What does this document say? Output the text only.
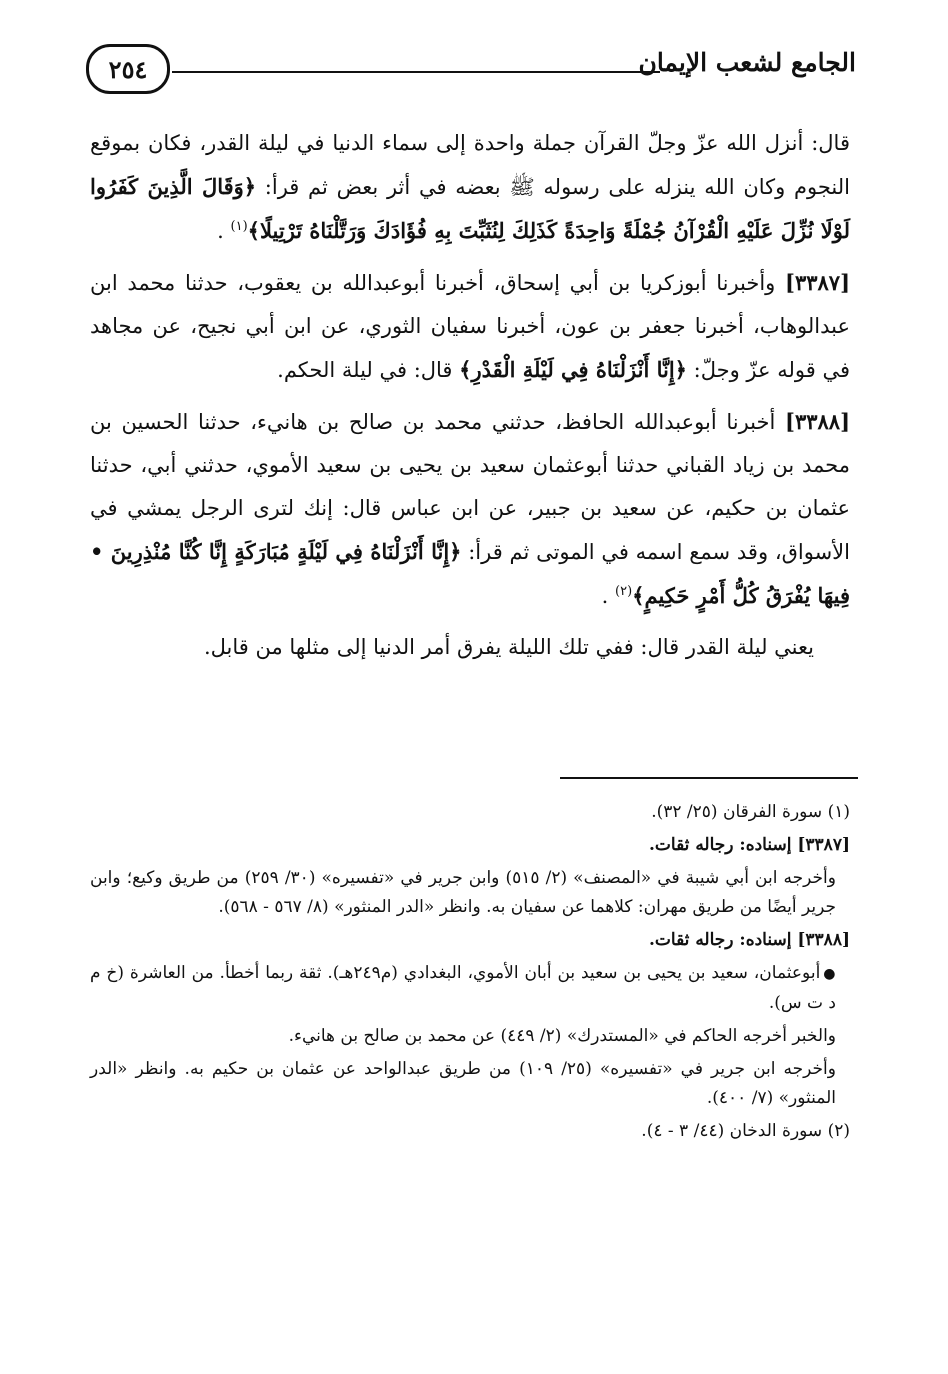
الجامع لشعب الإيمان
٢٥٤

قال: أنزل الله عزّ وجلّ القرآن جملة واحدة إلى سماء الدنيا في ليلة القدر، فكان بموقع النجوم وكان الله ينزله على رسوله ﷺ بعضه في أثر بعض ثم قرأ: ﴿وَقَالَ الَّذِينَ كَفَرُوا لَوْلَا نُزِّلَ عَلَيْهِ الْقُرْآنُ جُمْلَةً وَاحِدَةً كَذَلِكَ لِنُثَبِّتَ بِهِ فُؤَادَكَ وَرَتَّلْنَاهُ تَرْتِيلًا﴾$^{(١)}$ .

[٣٣٨٧] وأخبرنا أبوزكريا بن أبي إسحاق، أخبرنا أبوعبدالله بن يعقوب، حدثنا محمد ابن عبدالوهاب، أخبرنا جعفر بن عون، أخبرنا سفيان الثوري، عن ابن أبي نجيح، عن مجاهد في قوله عزّ وجلّ: ﴿إِنَّا أَنْزَلْنَاهُ فِي لَيْلَةِ الْقَدْرِ﴾ قال: في ليلة الحكم.

[٣٣٨٨] أخبرنا أبوعبدالله الحافظ، حدثني محمد بن صالح بن هانيء، حدثنا الحسين بن محمد بن زياد القباني حدثنا أبوعثمان سعيد بن يحيى بن سعيد الأموي، حدثني أبي، حدثنا عثمان بن حكيم، عن سعيد بن جبير، عن ابن عباس قال: إنك لترى الرجل يمشي في الأسواق، وقد سمع اسمه في الموتى ثم قرأ: ﴿إِنَّا أَنْزَلْنَاهُ فِي لَيْلَةٍ مُبَارَكَةٍ إِنَّا كُنَّا مُنْذِرِينَ • فِيهَا يُفْرَقُ كُلُّ أَمْرٍ حَكِيمٍ﴾$^{(٢)}$ .

يعني ليلة القدر قال: ففي تلك الليلة يفرق أمر الدنيا إلى مثلها من قابل.

(١) سورة الفرقان (٢٥/ ٣٢).

[٣٣٨٧] إسناده: رجاله ثقات.

وأخرجه ابن أبي شيبة في «المصنف» (٢/ ٥١٥) وابن جرير في «تفسيره» (٣٠/ ٢٥٩) من طريق وكيع؛ وابن جرير أيضًا من طريق مهران: كلاهما عن سفيان به. وانظر «الدر المنثور» (٨/ ٥٦٧ - ٥٦٨).

[٣٣٨٨] إسناده: رجاله ثقات.

●أبوعثمان، سعيد بن يحيى بن سعيد بن أبان الأموي، البغدادي (م٢٤٩هـ). ثقة ربما أخطأ. من العاشرة (خ م د ت س).

والخبر أخرجه الحاكم في «المستدرك» (٢/ ٤٤٩) عن محمد بن صالح بن هانيء.

وأخرجه ابن جرير في «تفسيره» (٢٥/ ١٠٩) من طريق عبدالواحد عن عثمان بن حكيم به. وانظر «الدر المنثور» (٧/ ٤٠٠).

(٢) سورة الدخان (٤٤/ ٣ - ٤).
